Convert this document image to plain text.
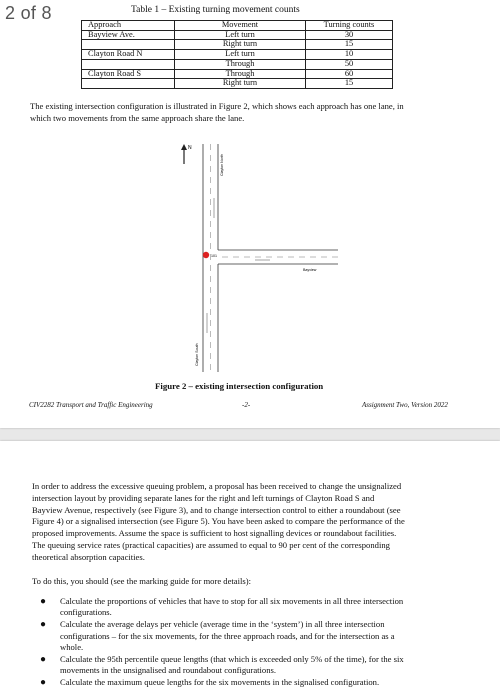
2 of 8	Table 1 – Existing turning movement counts
Approach	Movement	Turning counts
Bayview Ave.	Left turn	30
	Right turn	15
Clayton Road N	Left turn	10
	Through	50
Clayton Road S	Through	60
	Right turn	15
The existing intersection configuration is illustrated in Figure 2, which shows each approach has one lane, in
which two movements from the same approach share the lane.
N
101
Clayton North
Clayton South
Bayview
Figure 2 – existing intersection configuration
CIV2282 Transport and Traffic Engineering	-2-	Assignment Two, Version 2022
In order to address the excessive queuing problem, a proposal has been received to change the unsignalized
intersection layout by providing separate lanes for the right and left turnings of Clayton Road S and
Bayview Avenue, respectively (see Figure 3), and to change intersection control to either a roundabout (see
Figure 4) or a signalised intersection (see Figure 5). You have been asked to compare the performance of the
proposed improvements. Assume the space is sufficient to host signalling devices or roundabout facilities.
The queuing service rates (practical capacities) are assumed to equal to 90 per cent of the corresponding
theoretical absorption capacities.
To do this, you should (see the marking guide for more details):
● Calculate the proportions of vehicles that have to stop for all six movements in all three intersection
configurations.
● Calculate the average delays per vehicle (average time in the ‘system’) in all three intersection
configurations – for the six movements, for the three approach roads, and for the intersection as a
whole.
● Calculate the 95th percentile queue lengths (that which is exceeded only 5% of the time), for the six
movements in the unsignalised and roundabout configurations.
● Calculate the maximum queue lengths for the six movements in the signalised configuration.
